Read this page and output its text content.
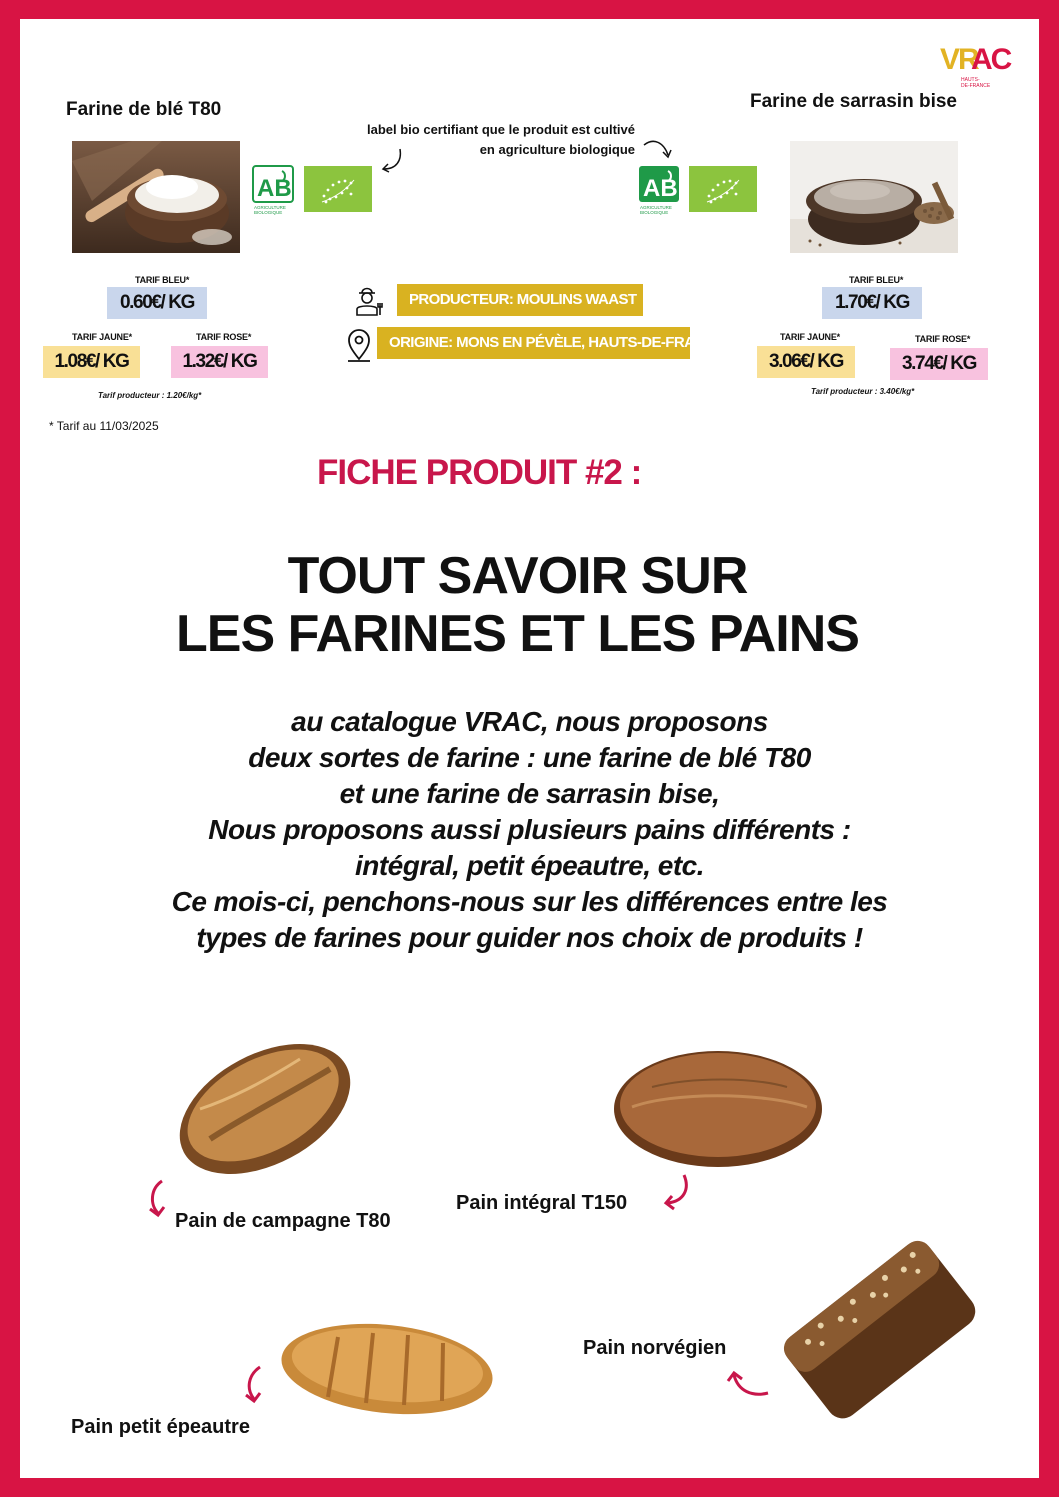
VR
AC
HAUTS-
DE-FRANCE
Farine de blé T80
TARIF BLEU*
0.60€/ KG
TARIF JAUNE*
1.08€/ KG
TARIF ROSE*
1.32€/ KG
Tarif producteur : 1.20€/kg*
* Tarif au 11/03/2025
label bio certifiant que le produit est cultivé
en agriculture biologique
AB
AGRICULTURE
BIOLOGIQUE
AB
AGRICULTURE
BIOLOGIQUE
PRODUCTEUR: MOULINS WAAST
ORIGINE: MONS EN PÉVÈLE, HAUTS-DE-FRANCE
Farine de sarrasin bise
TARIF BLEU*
1.70€/ KG
TARIF JAUNE*
3.06€/ KG
TARIF ROSE*
3.74€/ KG
Tarif producteur : 3.40€/kg*
FICHE PRODUIT #2 :
TOUT SAVOIR SUR
LES FARINES ET LES PAINS
au catalogue VRAC, nous proposons
deux sortes de farine : une farine de blé T80
et une farine de sarrasin bise,
Nous proposons aussi plusieurs pains différents :
intégral, petit épeautre, etc.
Ce mois-ci, penchons-nous sur les différences entre les
types de farines pour guider nos choix de produits !
Pain de campagne T80
Pain intégral T150
Pain petit épeautre
Pain norvégien
